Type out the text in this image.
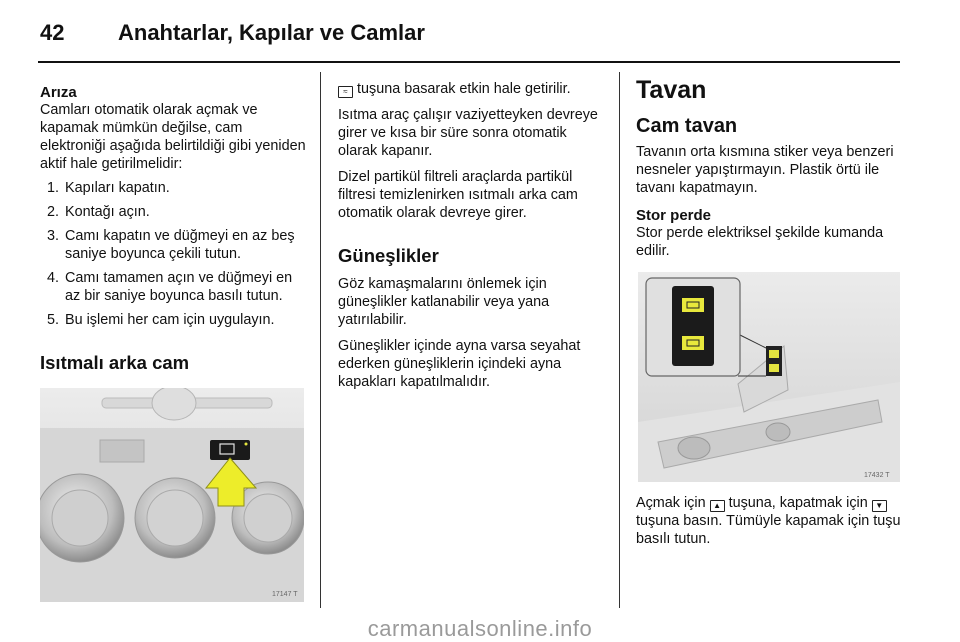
42 Anahtarlar, Kapılar ve Camlar

Arıza

Camları otomatik olarak açmak ve kapamak mümkün değilse, cam elektroniği aşağıda belirtildiği gibi yeniden aktif hale getirilmelidir:

1. Kapıları kapatın.
2. Kontağı açın.
3. Camı kapatın ve düğmeyi en az beş saniye boyunca çekili tutun.
4. Camı tamamen açın ve düğmeyi en az bir saniye boyunca basılı tutun.
5. Bu işlemi her cam için uygulayın.

Isıtmalı arka cam

17147 T

≈ tuşuna basarak etkin hale getirilir.

Isıtma araç çalışır vaziyetteyken devreye girer ve kısa bir süre sonra otomatik olarak kapanır.

Dizel partikül filtreli araçlarda partikül filtresi temizlenirken ısıtmalı arka cam otomatik olarak devreye girer.

Güneşlikler

Göz kamaşmalarını önlemek için güneşlikler katlanabilir veya yana yatırılabilir.

Güneşlikler içinde ayna varsa seyahat ederken güneşliklerin içindeki ayna kapakları kapatılmalıdır.

Tavan

Cam tavan

Tavanın orta kısmına stiker veya benzeri nesneler yapıştırmayın. Plastik örtü ile tavanı kapatmayın.

Stor perde

Stor perde elektriksel şekilde kumanda edilir.

17432 T

Açmak için ▲ tuşuna, kapatmak için ▼tuşuna basın. Tümüyle kapamak için tuşu basılı tutun.

carmanualsonline.info
